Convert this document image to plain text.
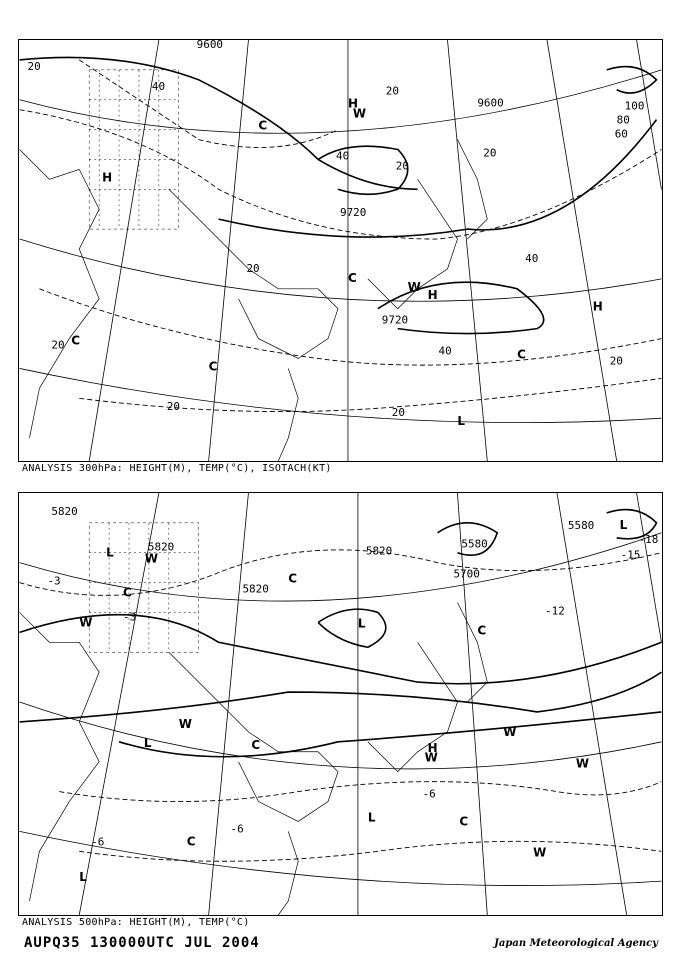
H
H
H
H
C
C
C
C
C
W
W
L
20
9600
40	20
9600
40
20
20
9720
20
40
9720
40
20
20	20
20
100
80
60
ANALYSIS 300hPa: HEIGHT(M), TEMP(°C), ISOTACH(KT)
L	W
W
C
C
L
W
C
W
H
W
W
C
L	C
L
W
L	C
L
5820
5820
5820
5820
5700
5580
5580
-3
-3	-12
-15
-18
-6
-6
-6
ANALYSIS 500hPa: HEIGHT(M), TEMP(°C)
AUPQ35 130000UTC JUL 2004	Japan Meteorological Agency
